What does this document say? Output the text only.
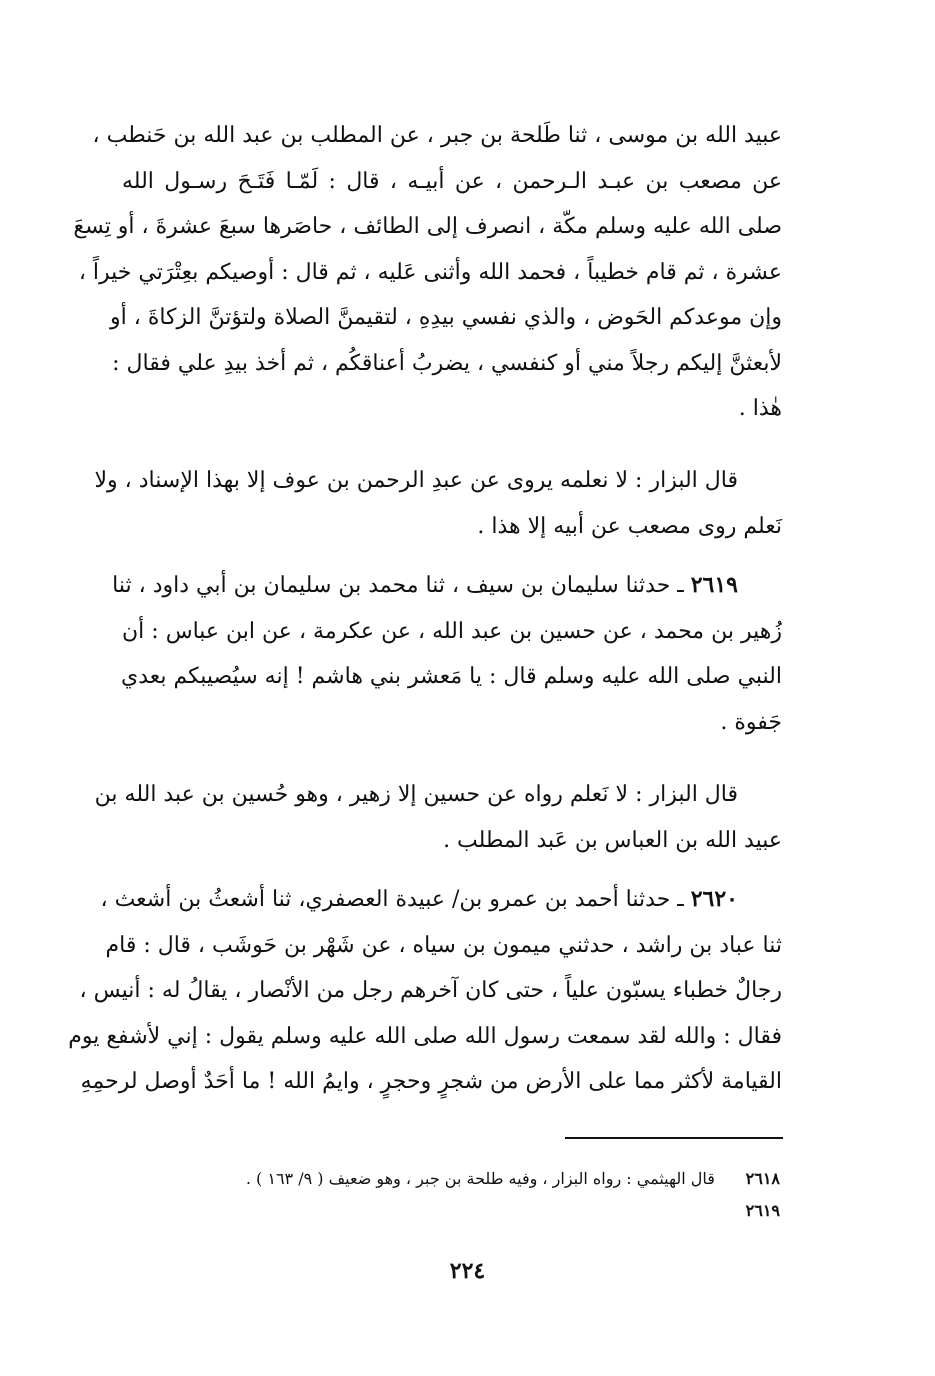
عبيد الله بن موسى ، ثنا طَلحة بن جبر ، عن المطلب بن عبد الله بن حَنطب ،
عن مصعب بن عبـد الـرحمن ، عن أبيـه ، قال : لَمّـا فَتَـحَ رسـول الله
صلى الله عليه وسلم مكّة ، انصرف إلى الطائف ، حاصَرها سبعَ عشرةَ ، أو تِسعَ
عشرة ، ثم قام خطيباً ، فحمد الله وأثنى عَليه ، ثم قال : أوصيكم بعِتْرَتي خيراً ،
وإن موعدكم الحَوض ، والذي نفسي بيدِهِ ، لتقيمنَّ الصلاة ولتؤتنَّ الزكاةَ ، أو
لأبعثنَّ إليكم رجلاً مني أو كنفسي ، يضربُ أعناقكُم ، ثم أخذ بيدِ علي فقال :
هٰذا .
قال البزار : لا نعلمه يروى عن عبدِ الرحمن بن عوف إلا بهذا الإسناد ، ولا
نَعلم روى مصعب عن أبيه إلا هذا .
٢٦١٩ ـ حدثنا سليمان بن سيف ، ثنا محمد بن سليمان بن أبي داود ، ثنا
زُهير بن محمد ، عن حسين بن عبد الله ، عن عكرمة ، عن ابن عباس : أن
النبي صلى الله عليه وسلم قال : يا مَعشر بني هاشم ! إنه سيُصيبكم بعدي
جَفوة .
قال البزار : لا نَعلم رواه عن حسين إلا زهير ، وهو حُسين بن عبد الله بن
عبيد الله بن العباس بن عَبد المطلب .
٢٦٢٠ ـ حدثنا أحمد بن عمرو بن/ عبيدة العصفري، ثنا أشعثُ بن أشعث ،
ثنا عباد بن راشد ، حدثني ميمون بن سياه ، عن شَهْر بن حَوشَب ، قال : قام
رجالٌ خطباء يسبّون علياً ، حتى كان آخرهم رجل من الأنْصار ، يقالُ له : أنيس ،
فقال : والله لقد سمعت رسول الله صلى الله عليه وسلم يقول : إني لأشفع يوم
القيامة لأكثر مما على الأرض من شجرٍ وحجرٍ ، وايمُ الله ! ما أحَدٌ أوصل لرحمِهِ
٢٦١٨ قال الهيثمي : رواه البزار ، وفيه طلحة بن جبر ، وهو ضعيف ( ٩/ ١٦٣ ) .
٢٦١٩
٢٢٤
